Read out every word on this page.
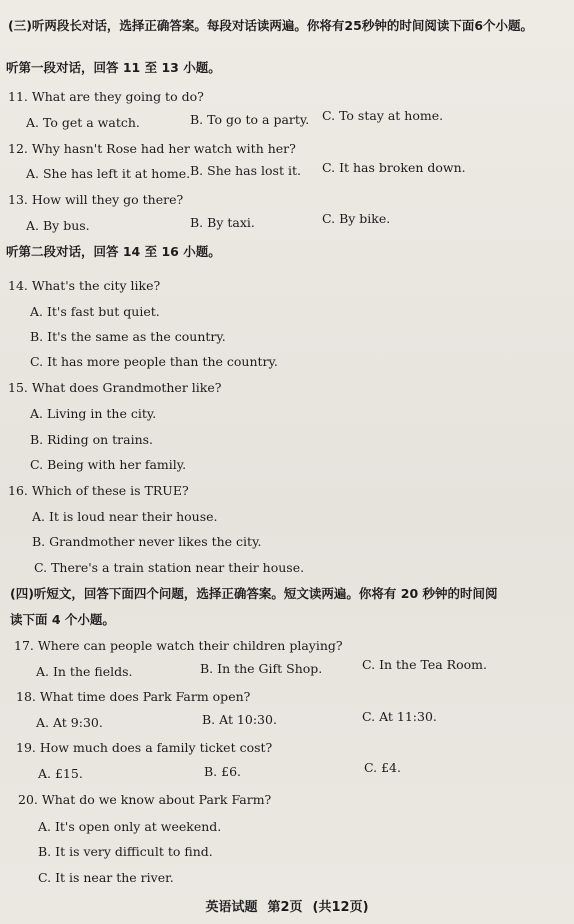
(三)听两段长对话，选择正确答案。每段对话读两遍。你将有25秒钟的时间阅读下面6个小题。
听第一段对话，回答 11 至 13 小题。
11. What are they going to do?
A. To get a watch.	B. To go to a party. C. To stay at home.
12. Why hasn't Rose had her watch with her?
A. She has left it at home. B. She has lost it. C. It has broken down.
13. How will they go there?
A. By bus.	B. By taxi.	C. By bike.
听第二段对话，回答 14 至 16 小题。
14. What's the city like?
A. It's fast but quiet.
B. It's the same as the country.
C. It has more people than the country.
15. What does Grandmother like?
A. Living in the city.
B. Riding on trains.
C. Being with her family.
16. Which of these is TRUE?
A. It is loud near their house.
B. Grandmother never likes the city.
C. There's a train station near their house.
(四)听短文，回答下面四个问题，选择正确答案。短文读两遍。你将有 20 秒钟的时间阅
读下面 4 个小题。
17. Where can people watch their children playing?
A. In the fields.	B. In the Gift Shop.	C. In the Tea Room.
18. What time does Park Farm open?
A. At 9:30.	B. At 10:30.	C. At 11:30.
19. How much does a family ticket cost?
A. £15.	B. £6.	C. £4.
20. What do we know about Park Farm?
A. It's open only at weekend.
B. It is very difficult to find.
C. It is near the river.
英语试题 第2页 (共12页)
